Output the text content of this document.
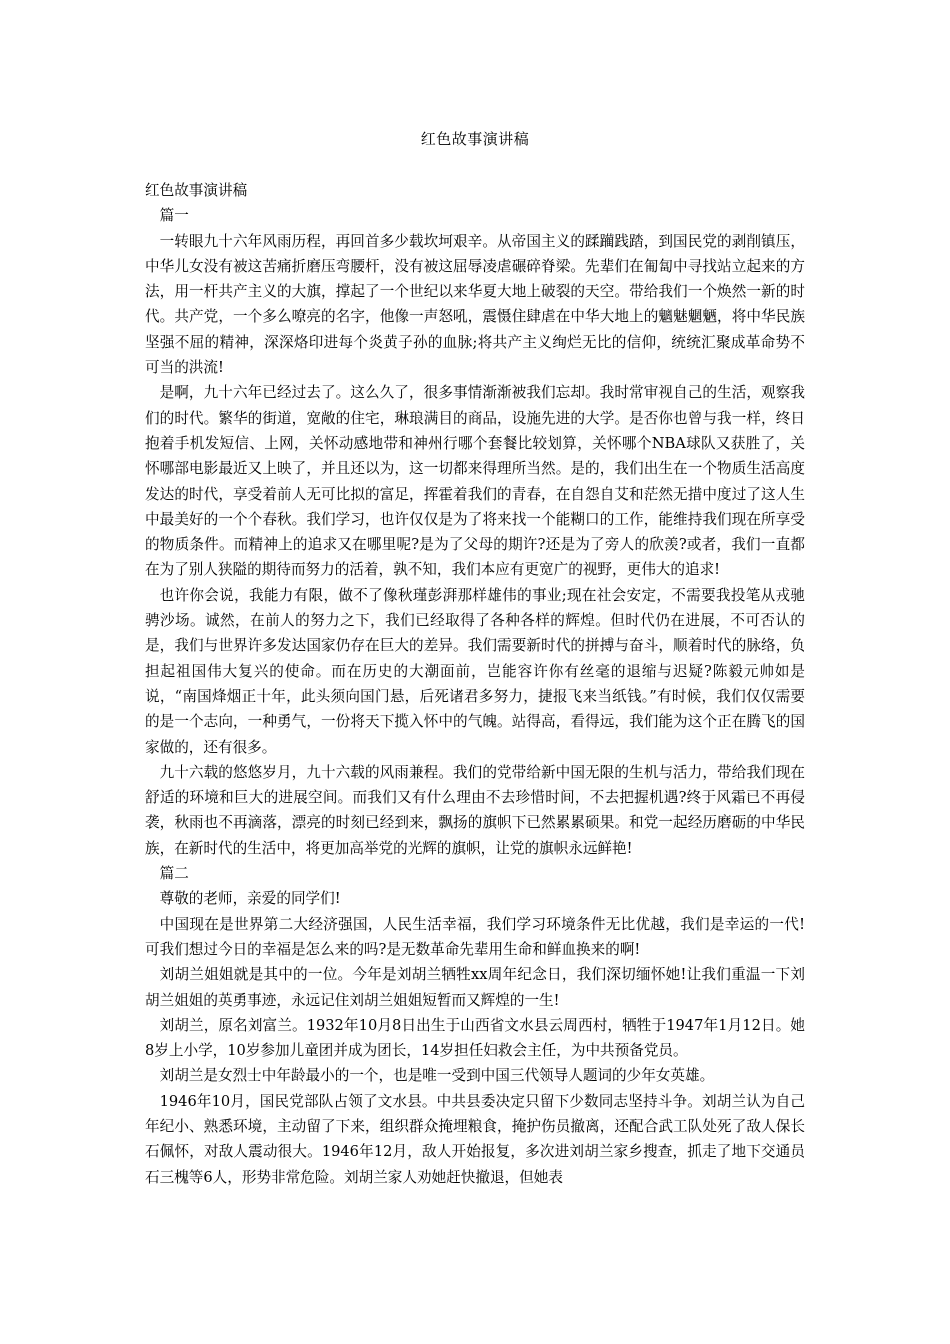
红色故事演讲稿

红色故事演讲稿

篇一

一转眼九十六年风雨历程，再回首多少载坎坷艰辛。从帝国主义的蹂躏践踏，到国民党的剥削镇压，中华儿女没有被这苦痛折磨压弯腰杆，没有被这屈辱凌虐碾碎脊梁。先辈们在匍匐中寻找站立起来的方法，用一杆共产主义的大旗，撑起了一个世纪以来华夏大地上破裂的天空。带给我们一个焕然一新的时代。共产党，一个多么嘹亮的名字，他像一声怒吼，震慑住肆虐在中华大地上的魑魅魍魉，将中华民族坚强不屈的精神，深深烙印进每个炎黄子孙的血脉;将共产主义绚烂无比的信仰，统统汇聚成革命势不可当的洪流!

是啊，九十六年已经过去了。这么久了，很多事情渐渐被我们忘却。我时常审视自己的生活，观察我们的时代。繁华的街道，宽敞的住宅，琳琅满目的商品，设施先进的大学。是否你也曾与我一样，终日抱着手机发短信、上网，关怀动感地带和神州行哪个套餐比较划算，关怀哪个NBA球队又获胜了，关怀哪部电影最近又上映了，并且还以为，这一切都来得理所当然。是的，我们出生在一个物质生活高度发达的时代，享受着前人无可比拟的富足，挥霍着我们的青春，在自怨自艾和茫然无措中度过了这人生中最美好的一个个春秋。我们学习，也许仅仅是为了将来找一个能糊口的工作，能维持我们现在所享受的物质条件。而精神上的追求又在哪里呢?是为了父母的期许?还是为了旁人的欣羡?或者，我们一直都在为了别人狭隘的期待而努力的活着，孰不知，我们本应有更宽广的视野，更伟大的追求!

也许你会说，我能力有限，做不了像秋瑾彭湃那样雄伟的事业;现在社会安定，不需要我投笔从戎驰骋沙场。诚然，在前人的努力之下，我们已经取得了各种各样的辉煌。但时代仍在进展，不可否认的是，我们与世界许多发达国家仍存在巨大的差异。我们需要新时代的拼搏与奋斗，顺着时代的脉络，负担起祖国伟大复兴的使命。而在历史的大潮面前，岂能容许你有丝毫的退缩与迟疑?陈毅元帅如是说，“南国烽烟正十年，此头须向国门悬，后死诸君多努力，捷报飞来当纸钱。”有时候，我们仅仅需要的是一个志向，一种勇气，一份将天下揽入怀中的气魄。站得高，看得远，我们能为这个正在腾飞的国家做的，还有很多。

九十六载的悠悠岁月，九十六载的风雨兼程。我们的党带给新中国无限的生机与活力，带给我们现在舒适的环境和巨大的进展空间。而我们又有什么理由不去珍惜时间，不去把握机遇?终于风霜已不再侵袭，秋雨也不再滴落，漂亮的时刻已经到来，飘扬的旗帜下已然累累硕果。和党一起经历磨砺的中华民族，在新时代的生活中，将更加高举党的光辉的旗帜，让党的旗帜永远鲜艳!

篇二

尊敬的老师，亲爱的同学们!

中国现在是世界第二大经济强国，人民生活幸福，我们学习环境条件无比优越，我们是幸运的一代!可我们想过今日的幸福是怎么来的吗?是无数革命先辈用生命和鲜血换来的啊!

刘胡兰姐姐就是其中的一位。今年是刘胡兰牺牲xx周年纪念日，我们深切缅怀她!让我们重温一下刘胡兰姐姐的英勇事迹，永远记住刘胡兰姐姐短暂而又辉煌的一生!

刘胡兰，原名刘富兰。1932年10月8日出生于山西省文水县云周西村，牺牲于1947年1月12日。她8岁上小学，10岁参加儿童团并成为团长，14岁担任妇救会主任，为中共预备党员。

刘胡兰是女烈士中年龄最小的一个，也是唯一受到中国三代领导人题词的少年女英雄。

1946年10月，国民党部队占领了文水县。中共县委决定只留下少数同志坚持斗争。刘胡兰认为自己年纪小、熟悉环境，主动留了下来，组织群众掩埋粮食，掩护伤员撤离，还配合武工队处死了敌人保长石佩怀，对敌人震动很大。1946年12月，敌人开始报复，多次进刘胡兰家乡搜查，抓走了地下交通员石三槐等6人，形势非常危险。刘胡兰家人劝她赶快撤退，但她表
